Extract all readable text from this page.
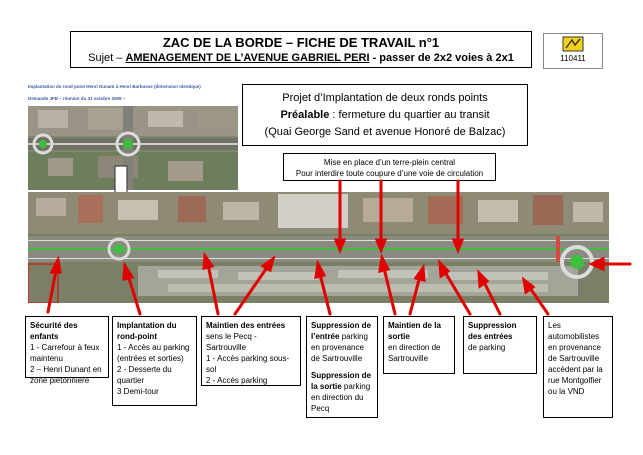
ZAC DE LA BORDE – FICHE DE TRAVAIL n°1
Sujet – AMENAGEMENT DE L’AVENUE GABRIEL PERI - passer de 2x2 voies à 2x1	110411
Implantation du rond point Henri Dunant à Henri Barbusse (dimension identique)
Demande JFB – réunion du 31 octobre 2009 –	Projet d’Implantation de deux ronds points
Préalable : fermeture du quartier au transit
(Quai George Sand et avenue Honoré de Balzac)
Mise en place d’un terre-plein central
Pour interdire toute coupure d’une voie de circulation
Sécurité des enfants
1 - Carrefour à feux maintenu
2 – Henri Dunant en zone piétonnière
Implantation du rond-point
1 - Accès au parking (entrées et sorties)
2 - Desserte du quartier
3 Demi-tour
Maintien des entrées
sens le Pecq -Sartrouville
1 - Accès parking sous-sol
2 - Accès parking
Suppression de l’entrée parking en provenance de Sartrouville
Suppression de la sortie parking en direction du Pecq
Maintien de la sortie
en direction de Sartrouville
Suppression des entrées
de parking
Les automobilistes en provenance de Sartrouville accèdent par la rue Montgolfier ou la VND
